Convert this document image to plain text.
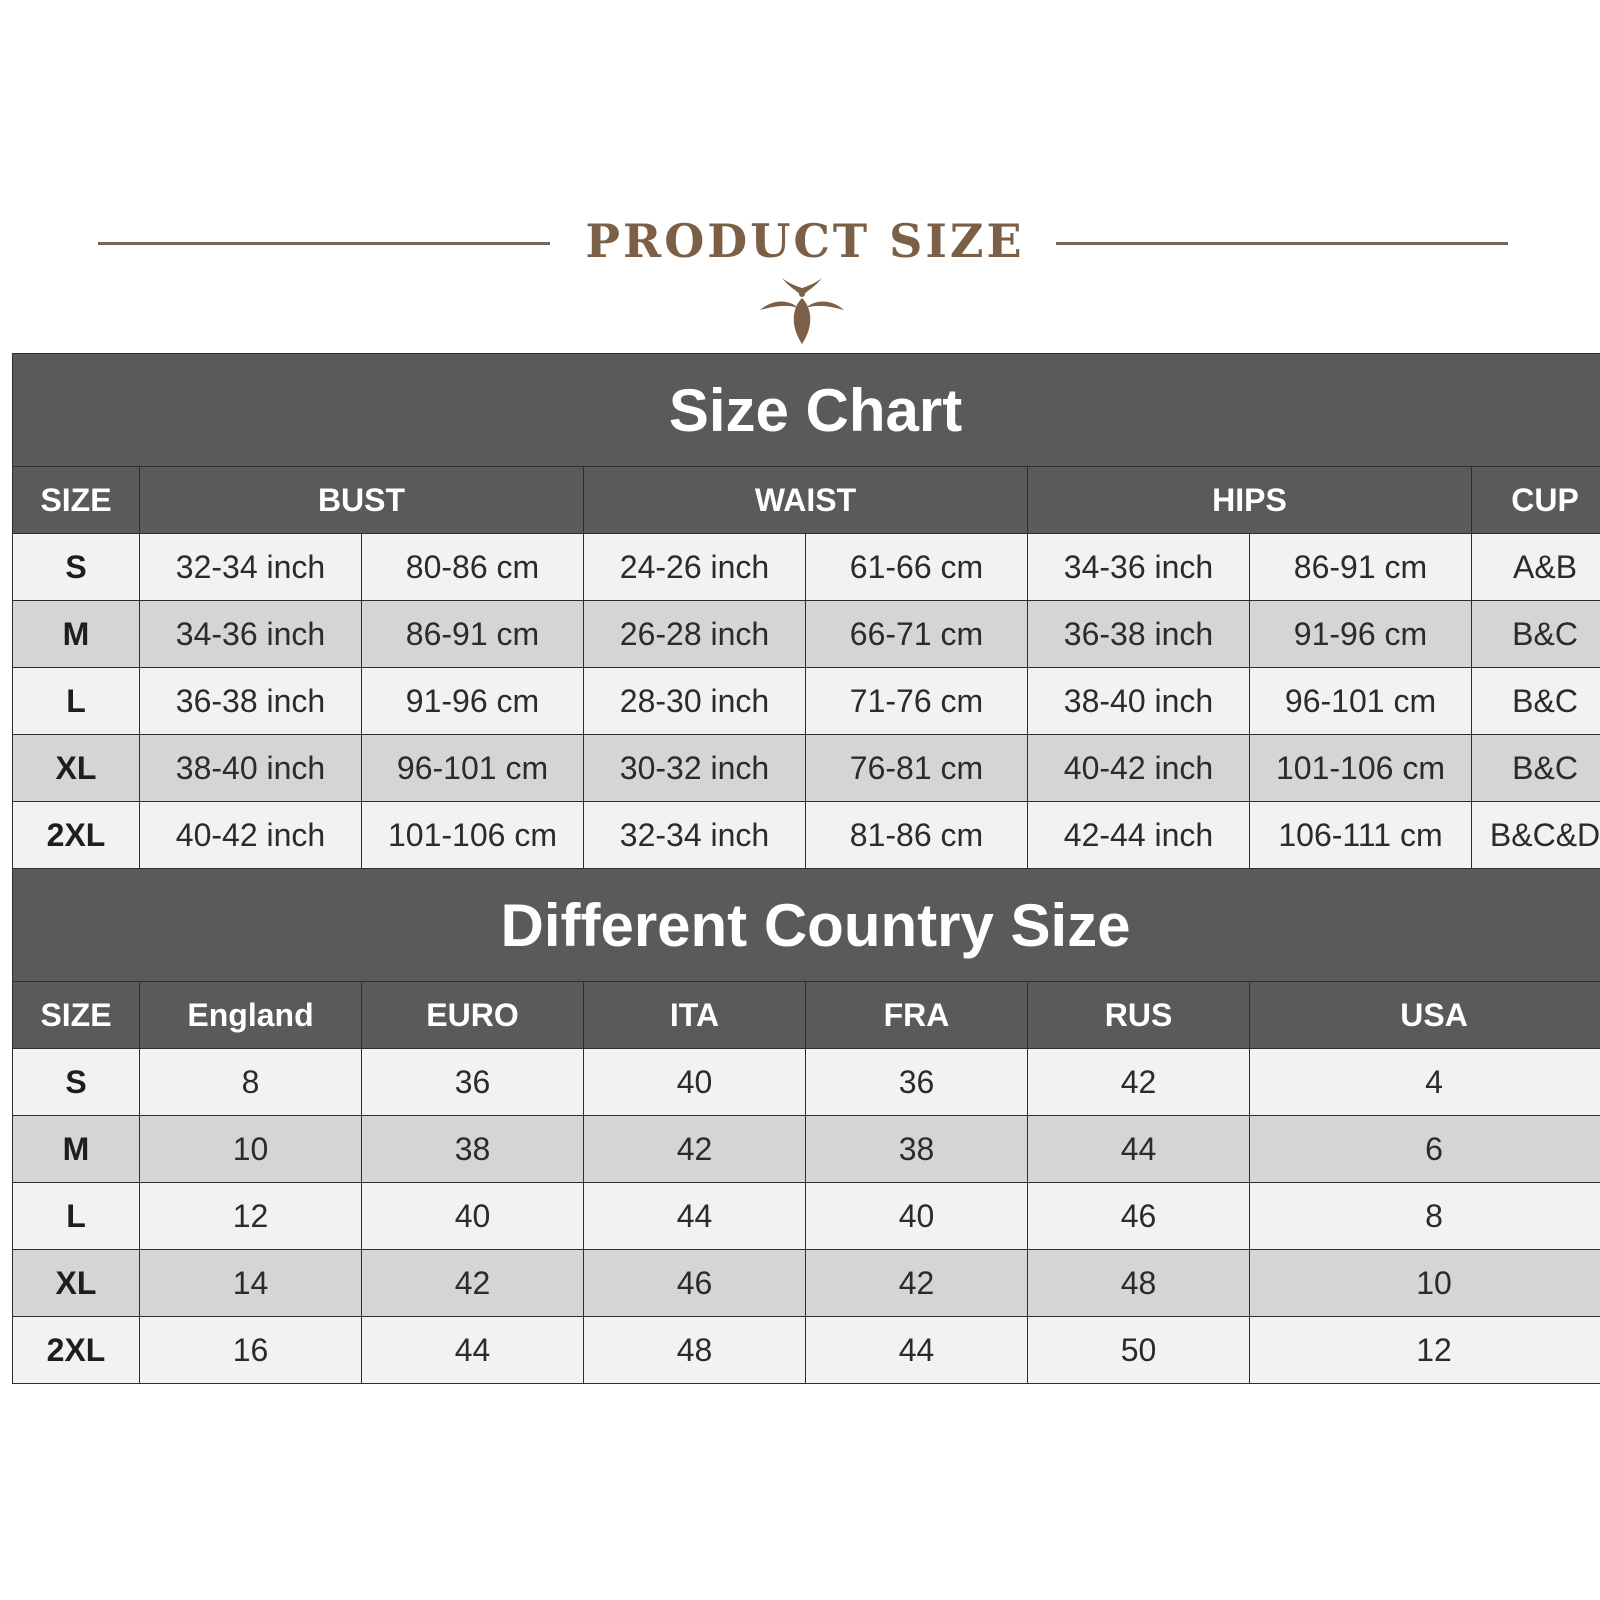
PRODUCT SIZE
Size Chart							
SIZE	BUST		WAIST		HIPS		CUP
S	32-34 inch	80-86 cm	24-26 inch	61-66 cm	34-36 inch	86-91 cm	A&B
M	34-36 inch	86-91 cm	26-28 inch	66-71 cm	36-38 inch	91-96 cm	B&C
L	36-38 inch	91-96 cm	28-30 inch	71-76 cm	38-40 inch	96-101 cm	B&C
XL	38-40 inch	96-101 cm	30-32 inch	76-81 cm	40-42 inch	101-106 cm	B&C
2XL	40-42 inch	101-106 cm	32-34 inch	81-86 cm	42-44 inch	106-111 cm	B&C&D
Different Country Size							
SIZE	England	EURO	ITA	FRA	RUS	USA	
S	8	36	40	36	42	4	
M	10	38	42	38	44	6	
L	12	40	44	40	46	8	
XL	14	42	46	42	48	10	
2XL	16	44	48	44	50	12	
